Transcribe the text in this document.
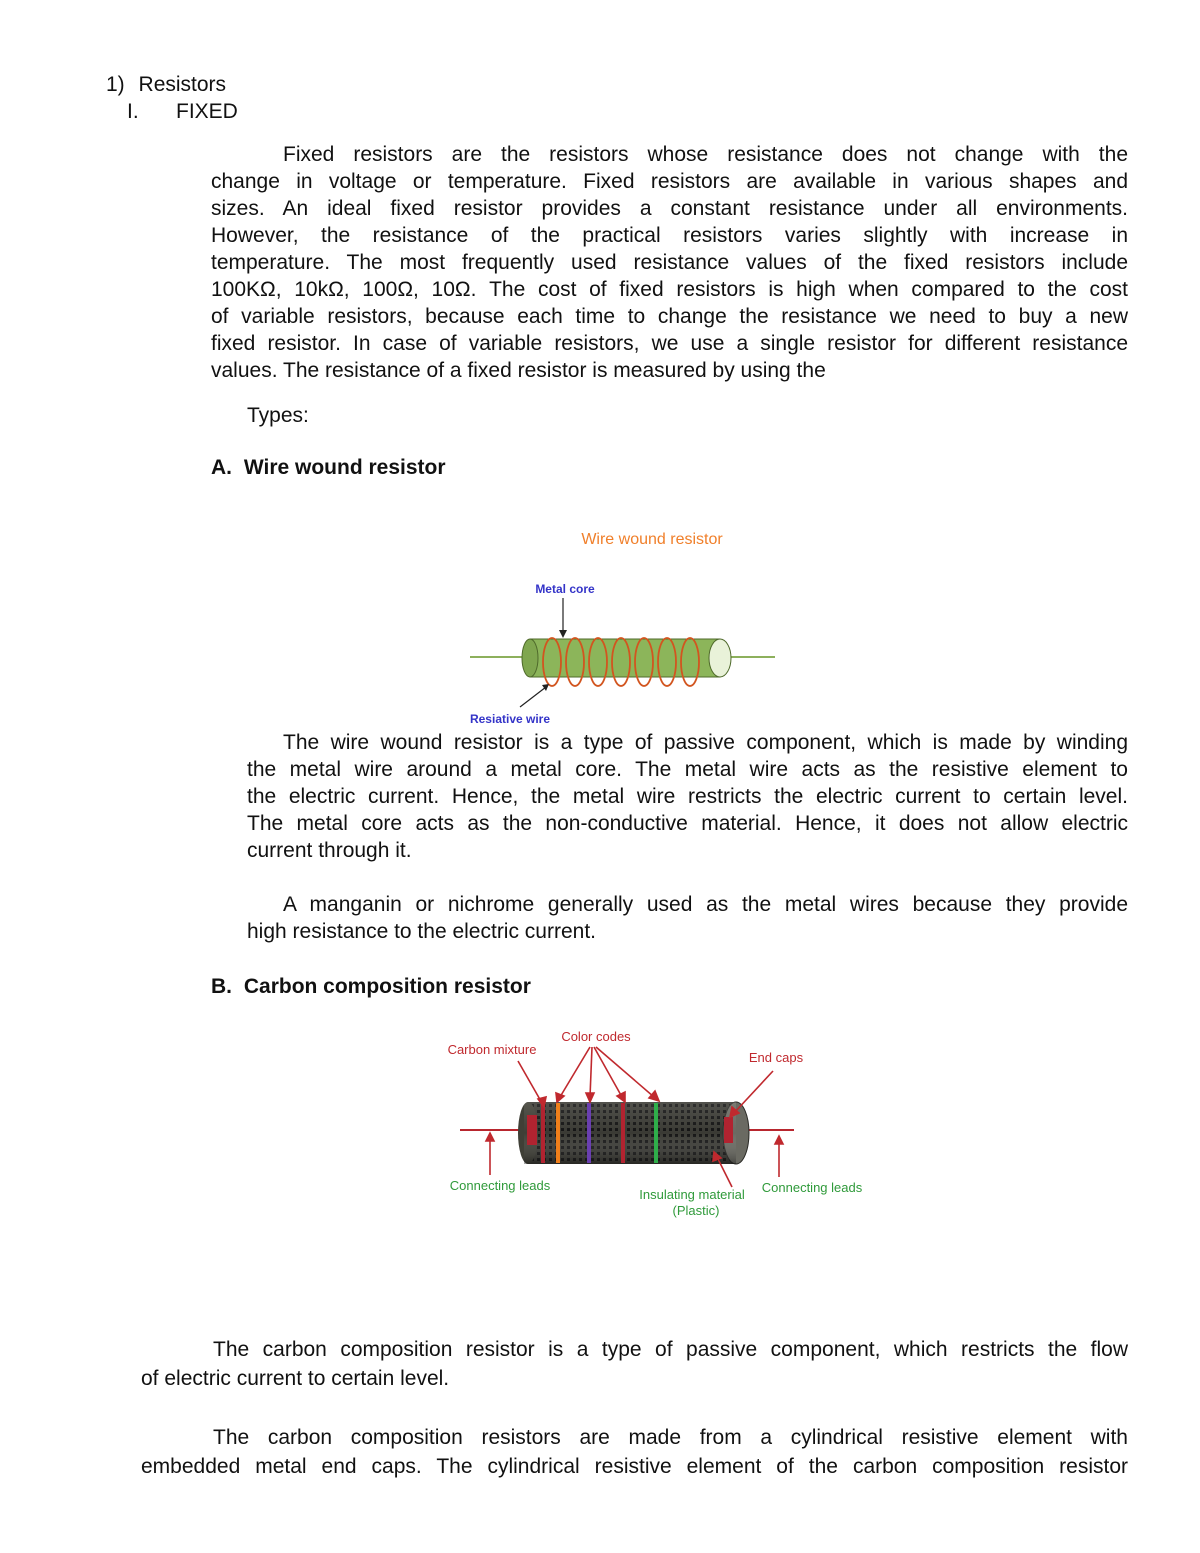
1) Resistors
I. FIXED
Fixed resistors are the resistors whose resistance does not change with the
change in voltage or temperature. Fixed resistors are available in various shapes and
sizes. An ideal fixed resistor provides a constant resistance under all environments.
However, the resistance of the practical resistors varies slightly with increase in
temperature. The most frequently used resistance values of the fixed resistors include
100KΩ, 10kΩ, 100Ω, 10Ω. The cost of fixed resistors is high when compared to the cost
of variable resistors, because each time to change the resistance we need to buy a new
fixed resistor. In case of variable resistors, we use a single resistor for different resistance
values. The resistance of a fixed resistor is measured by using the
Types:
A. Wire wound resistor
Wire wound resistor
Metal core
Resiative wire
The wire wound resistor is a type of passive component, which is made by winding
the metal wire around a metal core. The metal wire acts as the resistive element to
the electric current. Hence, the metal wire restricts the electric current to certain level.
The metal core acts as the non-conductive material. Hence, it does not allow electric
current through it.
A manganin or nichrome generally used as the metal wires because they provide
high resistance to the electric current.
B. Carbon composition resistor
Carbon mixture
Color codes
End caps
Connecting leads	Connecting leads
Insulating material
(Plastic)
The carbon composition resistor is a type of passive component, which restricts the flow
of electric current to certain level.
The carbon composition resistors are made from a cylindrical resistive element with
embedded metal end caps. The cylindrical resistive element of the carbon composition resistor
